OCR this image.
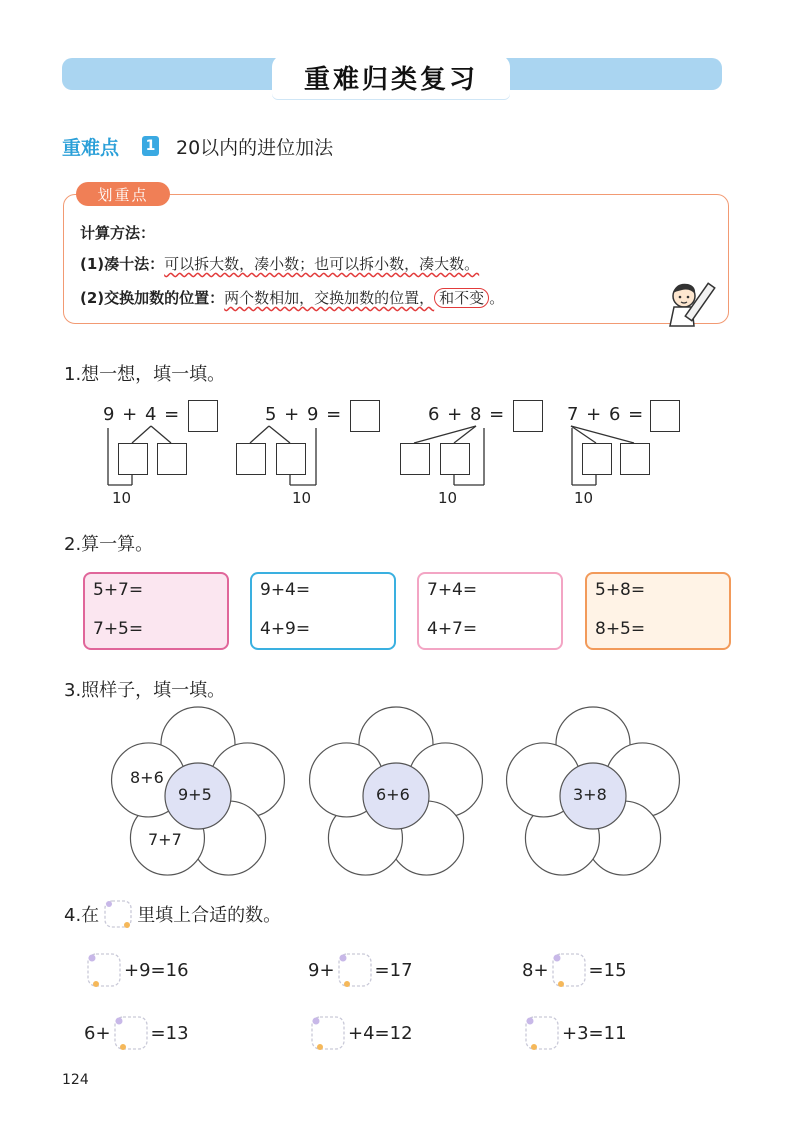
重难归类复习
重难点 1 20以内的进位加法
划重点
计算方法：
(1)凑十法：可以拆大数，凑小数；也可以拆小数，凑大数。
(2)交换加数的位置：两个数相加，交换加数的位置， 和不变 。
1.想一想，填一填。
9 + 4 =
10
5 + 9 =
10
6 + 8 =
10
7 + 6 =
10
2.算一算。
5+7=
7+5=
9+4=
4+9=
7+4=
4+7=
5+8=
8+5=
3.照样子，填一填。
9+5
8+6
7+7
6+6	3+8
4.在 里填上合适的数。
+9=16	9+ =17	8+ =15
6+ =13	+4=12	+3=11
124
